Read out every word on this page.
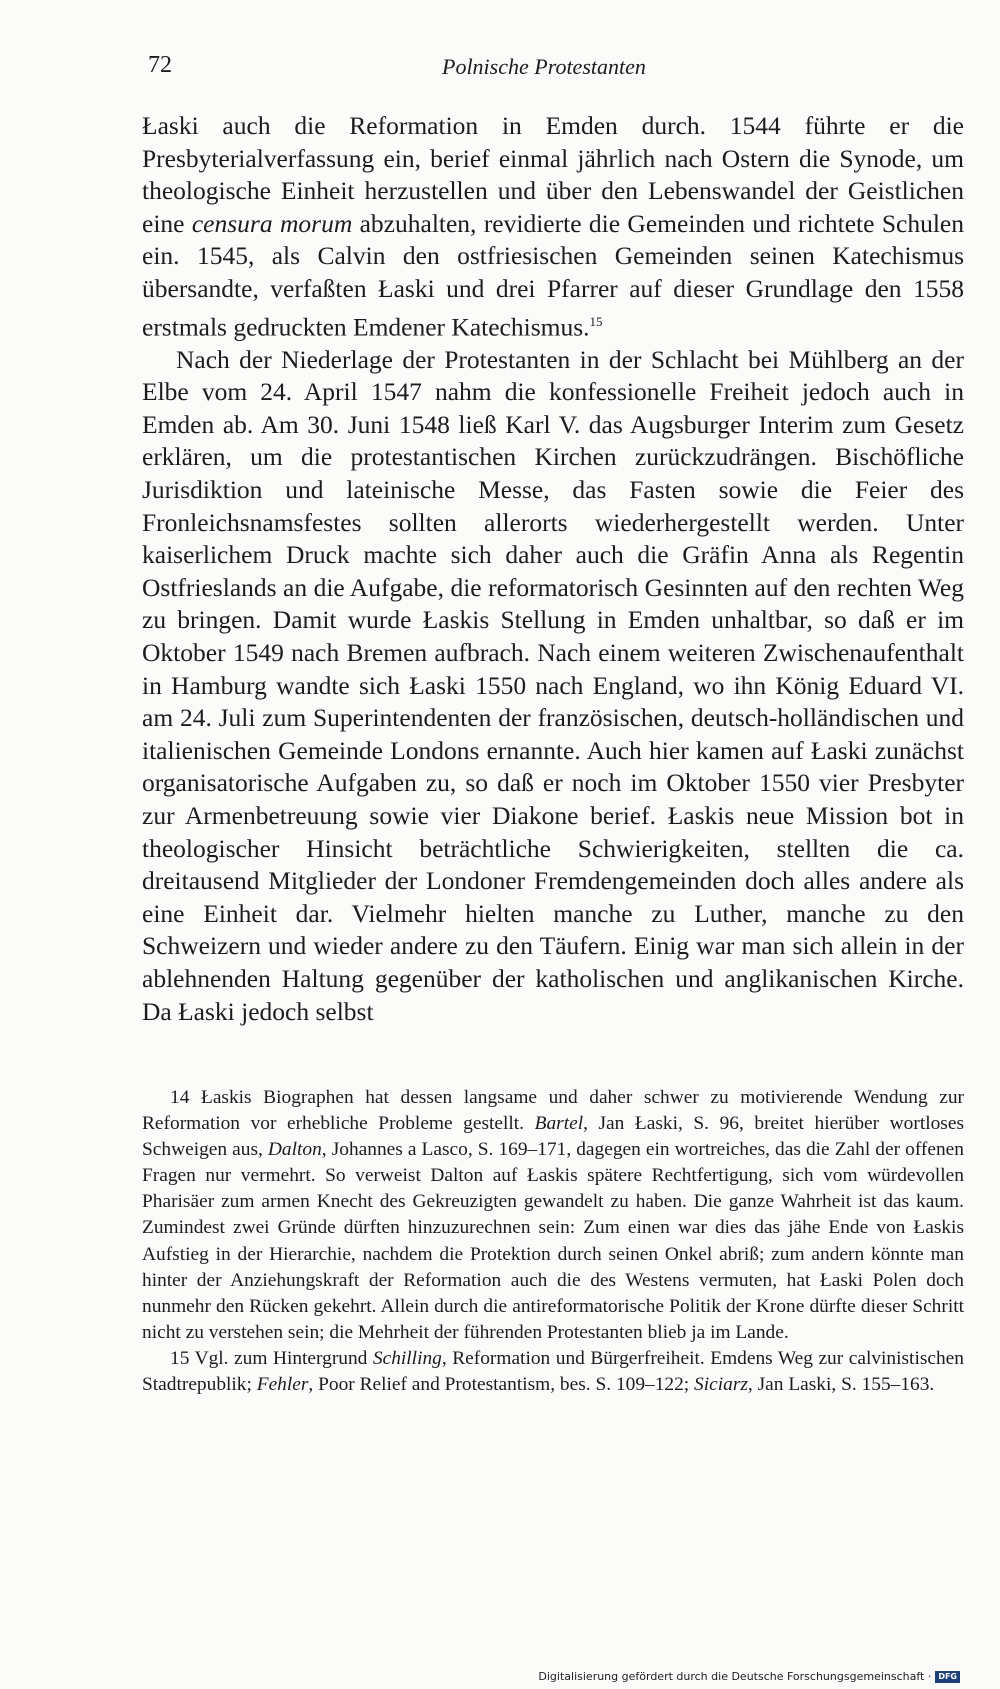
72	Polnische Protestanten

Łaski auch die Reformation in Emden durch. 1544 führte er die Presbyterialverfassung ein, berief einmal jährlich nach Ostern die Synode, um theologische Einheit herzustellen und über den Lebenswandel der Geistlichen eine censura morum abzuhalten, revidierte die Gemeinden und richtete Schulen ein. 1545, als Calvin den ostfriesischen Gemeinden seinen Katechismus übersandte, verfaßten Łaski und drei Pfarrer auf dieser Grundlage den 1558 erstmals gedruckten Emdener Katechismus.$^{15}$

Nach der Niederlage der Protestanten in der Schlacht bei Mühlberg an der Elbe vom 24. April 1547 nahm die konfessionelle Freiheit jedoch auch in Emden ab. Am 30. Juni 1548 ließ Karl V. das Augsburger Interim zum Gesetz erklären, um die protestantischen Kirchen zurückzudrängen. Bischöfliche Jurisdiktion und lateinische Messe, das Fasten sowie die Feier des Fronleichsnamsfestes sollten allerorts wiederhergestellt werden. Unter kaiserlichem Druck machte sich daher auch die Gräfin Anna als Regentin Ostfrieslands an die Aufgabe, die reformatorisch Gesinnten auf den rechten Weg zu bringen. Damit wurde Łaskis Stellung in Emden unhaltbar, so daß er im Oktober 1549 nach Bremen aufbrach. Nach einem weiteren Zwischenaufenthalt in Hamburg wandte sich Łaski 1550 nach England, wo ihn König Eduard VI. am 24. Juli zum Superintendenten der französischen, deutsch-holländischen und italienischen Gemeinde Londons ernannte. Auch hier kamen auf Łaski zunächst organisatorische Aufgaben zu, so daß er noch im Oktober 1550 vier Presbyter zur Armenbetreuung sowie vier Diakone berief. Łaskis neue Mission bot in theologischer Hinsicht beträchtliche Schwierigkeiten, stellten die ca. dreitausend Mitglieder der Londoner Fremdengemeinden doch alles andere als eine Einheit dar. Vielmehr hielten manche zu Luther, manche zu den Schweizern und wieder andere zu den Täufern. Einig war man sich allein in der ablehnenden Haltung gegenüber der katholischen und anglikanischen Kirche. Da Łaski jedoch selbst

14 Łaskis Biographen hat dessen langsame und daher schwer zu motivierende Wendung zur Reformation vor erhebliche Probleme gestellt. Bartel, Jan Łaski, S. 96, breitet hierüber wortloses Schweigen aus, Dalton, Johannes a Lasco, S. 169–171, dagegen ein wortreiches, das die Zahl der offenen Fragen nur vermehrt. So verweist Dalton auf Łaskis spätere Rechtfertigung, sich vom würdevollen Pharisäer zum armen Knecht des Gekreuzigten gewandelt zu haben. Die ganze Wahrheit ist das kaum. Zumindest zwei Gründe dürften hinzuzurechnen sein: Zum einen war dies das jähe Ende von Łaskis Aufstieg in der Hierarchie, nachdem die Protektion durch seinen Onkel abriß; zum andern könnte man hinter der Anziehungskraft der Reformation auch die des Westens vermuten, hat Łaski Polen doch nunmehr den Rücken gekehrt. Allein durch die antireformatorische Politik der Krone dürfte dieser Schritt nicht zu verstehen sein; die Mehrheit der führenden Protestanten blieb ja im Lande.

15 Vgl. zum Hintergrund Schilling, Reformation und Bürgerfreiheit. Emdens Weg zur calvinistischen Stadtrepublik; Fehler, Poor Relief and Protestantism, bes. S. 109–122; Siciarz, Jan Laski, S. 155–163.

Digitalisierung gefördert durch die Deutsche Forschungsgemeinschaft · DFG
